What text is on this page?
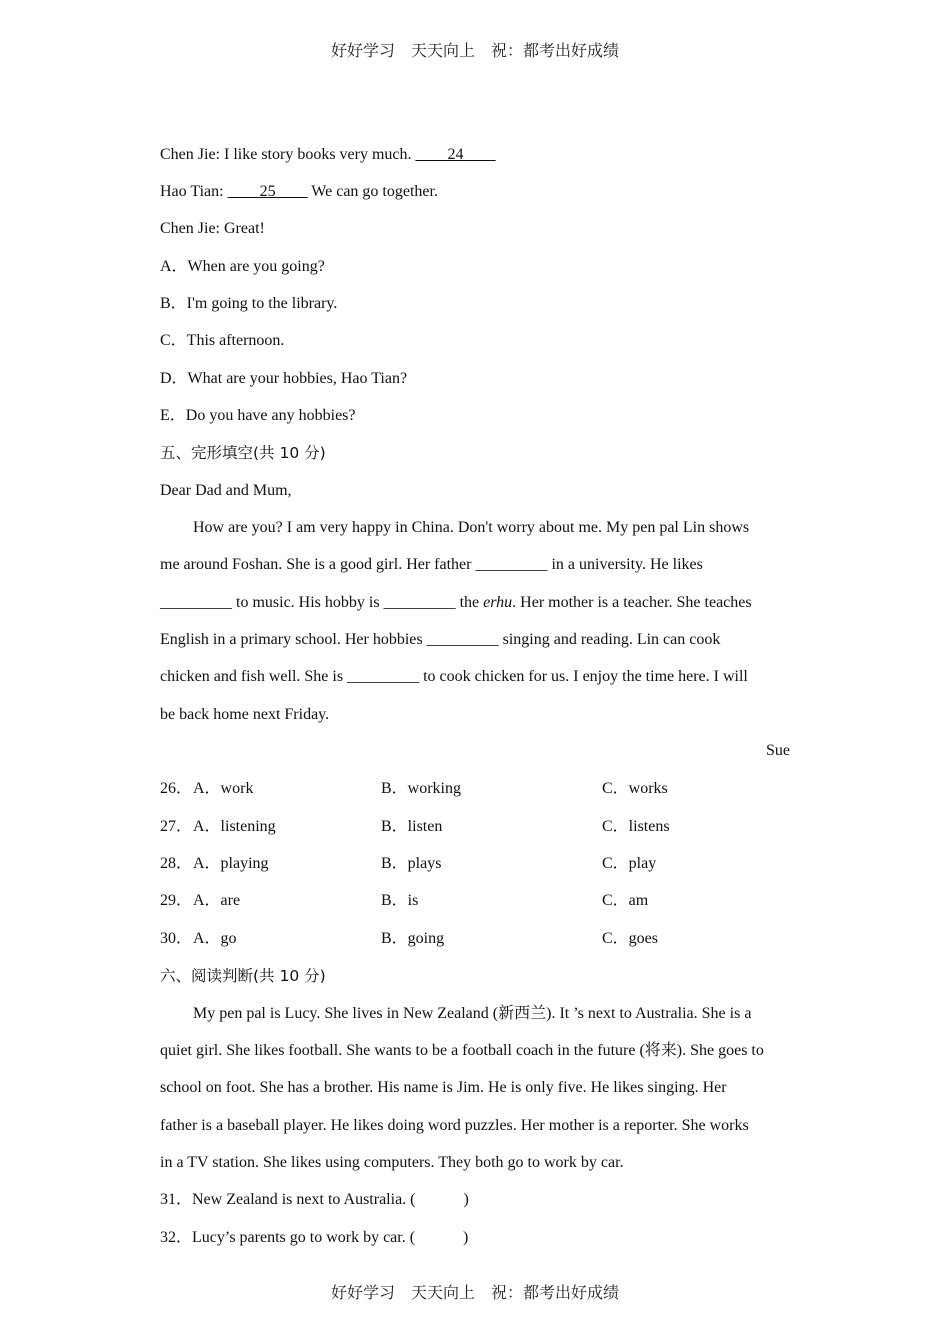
好好学习　天天向上　祝：都考出好成绩
Chen Jie: I like story books very much. ____24____
Hao Tian: ____25____ We can go together.
Chen Jie: Great!
A．When are you going?
B．I'm going to the library.
C．This afternoon.
D．What are your hobbies, Hao Tian?
E．Do you have any hobbies?
五、完形填空(共 10 分)
Dear Dad and Mum,
How are you? I am very happy in China. Don't worry about me. My pen pal Lin shows
me around Foshan. She is a good girl. Her father _________ in a university. He likes
_________ to music. His hobby is _________ the erhu. Her mother is a teacher. She teaches
English in a primary school. Her hobbies _________ singing and reading. Lin can cook
chicken and fish well. She is _________ to cook chicken for us. I enjoy the time here. I will
be back home next Friday.
Sue
26． A．work	B．working	C．works
27． A．listening	B．listen	C．listens
28． A．playing	B．plays	C．play
29． A．are	B．is	C．am
30． A．go	B．going	C．goes
六、阅读判断(共 10 分)
My pen pal is Lucy. She lives in New Zealand (新西兰). It ’s next to Australia. She is a
quiet girl. She likes football. She wants to be a football coach in the future (将来). She goes to
school on foot. She has a brother. His name is Jim. He is only five. He likes singing. Her
father is a baseball player. He likes doing word puzzles. Her mother is a reporter. She works
in a TV station. She likes using computers. They both go to work by car.
31．New Zealand is next to Australia. (　　　)
32．Lucy’s parents go to work by car. (　　　)
好好学习　天天向上　祝：都考出好成绩
